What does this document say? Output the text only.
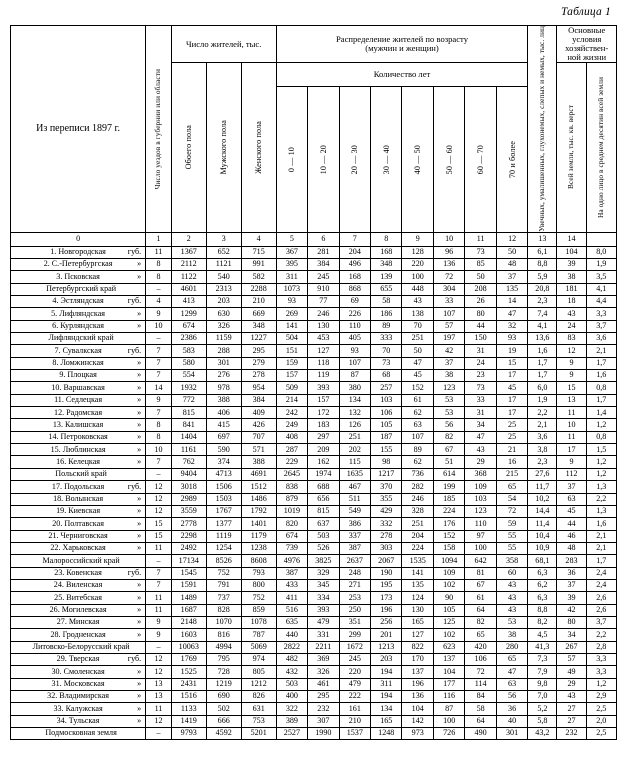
Таблица 1
Из переписи 1897 г.	Число уездов в губернии или области
	Число жителей, тыс.	Распределение жителей по возрасту
(мужчин и женщин)	Увечных, умалишенных, глухонемых, слепых и немых, тыс. лиц	Основные
условия
хозяйствен-
ной жизни

		Обоего пола	Мужского пола	Женского пола	Количество лет									Всей земли, тыс. кв. верст	На одно лицо в среднем десятин всей земли

					0 — 10	10 — 20	20 — 30	30 — 40	40 — 50	50 — 60	60 — 70	70 и более			

0	1	2	3	4	5	6	7	8	9	10	11	12	13	14	
1. Новгородская губ.	11	1367	652	715	367	281	204	168	128	96	73	50	6,1	104	8,0
2. С.-Петербургская »	8	2112	1121	991	395	384	496	348	220	136	85	48	8,8	39	1,9
3. Псковская »	8	1122	540	582	311	245	168	139	100	72	50	37	5,9	38	3,5
Петербургский край	–	4601	2313	2288	1073	910	868	655	448	304	208	135	20,8	181	4,1
4. Эстляндская губ.	4	413	203	210	93	77	69	58	43	33	26	14	2,3	18	4,4
5. Лифляндская »	9	1299	630	669	269	246	226	186	138	107	80	47	7,4	43	3,3
6. Курляндская »	10	674	326	348	141	130	110	89	70	57	44	32	4,1	24	3,7
Лифляндский край	–	2386	1159	1227	504	453	405	333	251	197	150	93	13,6	83	3,6
7. Сувалкская губ.	7	583	288	295	151	127	93	70	50	42	31	19	1,6	12	2,1
8. Ломжинская »	7	580	301	279	159	118	107	73	47	37	24	15	1,7	9	1,7
9. Плоцкая »	7	554	276	278	157	119	87	68	45	38	23	17	1,7	9	1,6
10. Варшавская »	14	1932	978	954	509	393	380	257	152	123	73	45	6,0	15	0,8
11. Седлецкая »	9	772	388	384	214	157	134	103	61	53	33	17	1,9	13	1,7
12. Радомская »	7	815	406	409	242	172	132	106	62	53	31	17	2,2	11	1,4
13. Калишская »	8	841	415	426	249	183	126	105	63	56	34	25	2,1	10	1,2
14. Петроковская »	8	1404	697	707	408	297	251	187	107	82	47	25	3,6	11	0,8
15. Люблинская »	10	1161	590	571	287	209	202	155	89	67	43	21	3,8	17	1,5
16. Келецкая »	7	762	374	388	229	162	115	98	62	51	29	16	2,3	9	1,2
Польский край	–	9404	4713	4691	2645	1974	1635	1217	736	614	368	215	27,6	112	1,2
17. Подольская губ.	12	3018	1506	1512	838	688	467	370	282	199	109	65	11,7	37	1,3
18. Волынская »	12	2989	1503	1486	879	656	511	355	246	185	103	54	10,2	63	2,2
19. Киевская »	12	3559	1767	1792	1019	815	549	429	328	224	123	72	14,4	45	1,3
20. Полтавская »	15	2778	1377	1401	820	637	386	332	251	176	110	59	11,4	44	1,6
21. Черниговская »	15	2298	1119	1179	674	503	337	278	204	152	97	55	10,4	46	2,1
22. Харьковская »	11	2492	1254	1238	739	526	387	303	224	158	100	55	10,9	48	2,1
Малороссийский край	–	17134	8526	8608	4976	3825	2637	2067	1535	1094	642	358	68,1	283	1,7
23. Ковенская губ.	7	1545	752	793	387	329	248	190	141	109	81	60	6,3	36	2,4
24. Виленская »	7	1591	791	800	433	345	271	195	135	102	67	43	6,2	37	2,4
25. Витебская »	11	1489	737	752	411	334	253	173	124	90	61	43	6,3	39	2,6
26. Могилевская »	11	1687	828	859	516	393	250	196	130	105	64	43	8,8	42	2,6
27. Минская »	9	2148	1070	1078	635	479	351	256	165	125	82	53	8,2	80	3,7
28. Гродненская »	9	1603	816	787	440	331	299	201	127	102	65	38	4,5	34	2,2
Литовско-Белорусский край	–	10063	4994	5069	2822	2211	1672	1213	822	623	420	280	41,3	267	2,8
29. Тверская губ.	12	1769	795	974	482	369	245	203	170	137	106	65	7,3	57	3,3
30. Смоленская »	12	1525	728	805	432	326	220	194	137	104	72	47	7,9	49	3,3
31. Московская »	13	2431	1219	1212	503	461	479	311	196	177	114	63	9,8	29	1,2
32. Владимирская »	13	1516	690	826	400	295	222	194	136	116	84	56	7,0	43	2,9
33. Калужская »	11	1133	502	631	322	232	161	134	104	87	58	36	5,2	27	2,5
34. Тульская »	12	1419	666	753	389	307	210	165	142	100	64	40	5,8	27	2,0
Подмосковная земля	–	9793	4592	5201	2527	1990	1537	1248	973	726	490	301	43,2	232	2,5
